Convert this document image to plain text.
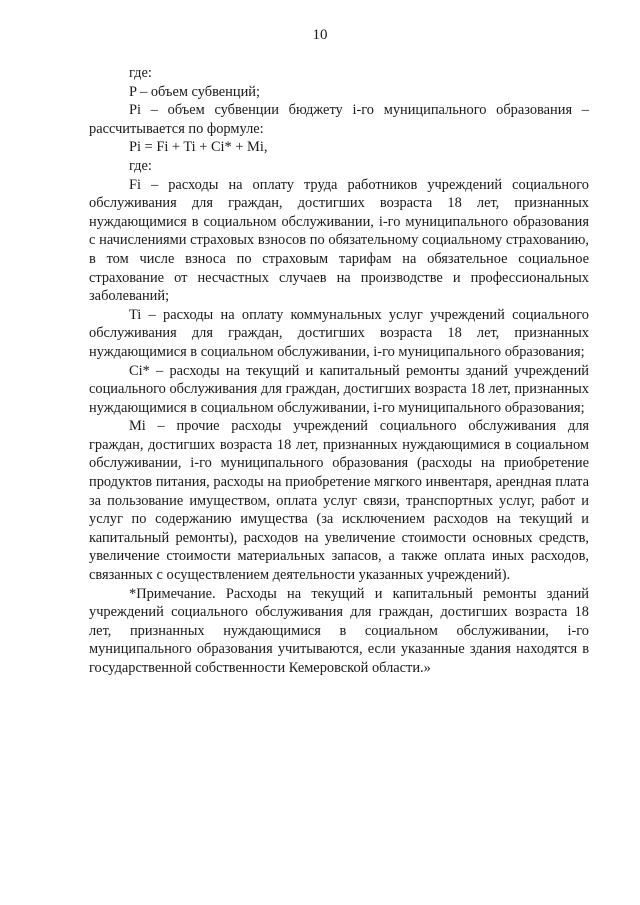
10

где:

P – объем субвенций;

Pi – объем субвенции бюджету i-го муниципального образования – рассчитывается по формуле:

Pi = Fi + Ti + Ci* + Mi,

где:

Fi – расходы на оплату труда работников учреждений социального обслуживания для граждан, достигших возраста 18 лет, признанных нуждающимися в социальном обслуживании, i-го муниципального образования с начислениями страховых взносов по обязательному социальному страхованию, в том числе взноса по страховым тарифам на обязательное социальное страхование от несчастных случаев на производстве и профессиональных заболеваний;

Ti – расходы на оплату коммунальных услуг учреждений социального обслуживания для граждан, достигших возраста 18 лет, признанных нуждающимися в социальном обслуживании, i-го муниципального образования;

Ci* – расходы на текущий и капитальный ремонты зданий учреждений социального обслуживания для граждан, достигших возраста 18 лет, признанных нуждающимися в социальном обслуживании, i-го муниципального образования;

Mi – прочие расходы учреждений социального обслуживания для граждан, достигших возраста 18 лет, признанных нуждающимися в социальном обслуживании, i-го муниципального образования (расходы на приобретение продуктов питания, расходы на приобретение мягкого инвентаря, арендная плата за пользование имуществом, оплата услуг связи, транспортных услуг, работ и услуг по содержанию имущества (за исключением расходов на текущий и капитальный ремонты), расходов на увеличение стоимости основных средств, увеличение стоимости материальных запасов, а также оплата иных расходов, связанных с осуществлением деятельности указанных учреждений).

*Примечание. Расходы на текущий и капитальный ремонты зданий учреждений социального обслуживания для граждан, достигших возраста 18 лет, признанных нуждающимися в социальном обслуживании, i-го муниципального образования учитываются, если указанные здания находятся в государственной собственности Кемеровской области.»
